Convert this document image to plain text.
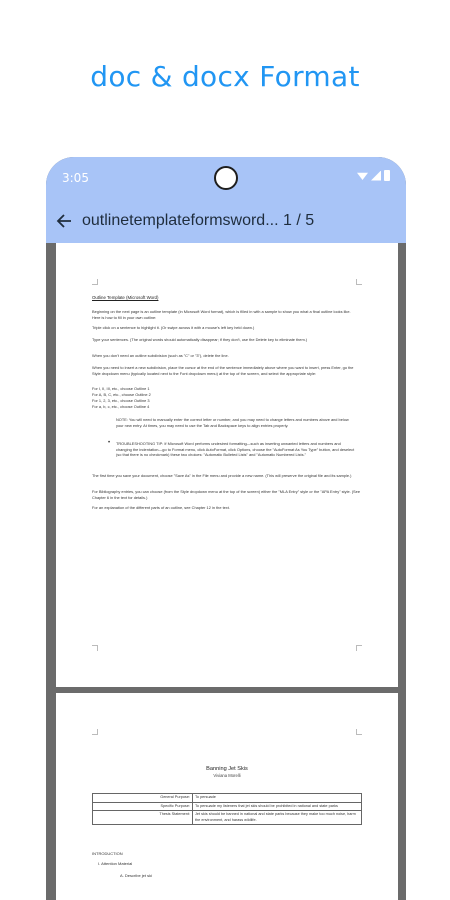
doc & docx Format
3:05
outlinetemplateformsword... 1 / 5
Outline Template (Microsoft Word)
Beginning on the next page is an outline template (in Microsoft Word format), which is filled in with a sample to show you what a final outline looks like. Here is how to fill in your own outline:
Triple click on a sentence to highlight it. (Or swipe across it with a mouse's left key held down.)
Type your sentences. (The original words should automatically disappear; if they don't, use the Delete key to eliminate them.)
When you don't need an outline subdivision (such as "C" or "3"), delete the line.
When you need to insert a new subdivision, place the cursor at the end of the sentence immediately above where you want to insert, press Enter, go the Style dropdown menu (typically located next to the Font dropdown menu) at the top of the screen, and select the appropriate style:
For I, II, III, etc., choose Outline 1
For A, B, C, etc., choose Outline 2
For 1, 2, 3, etc., choose Outline 3
For a, b, c, etc., choose Outline 4
NOTE: You will need to manually enter the correct letter or number, and you may need to change letters and numbers above and below your new entry. At times, you may need to use the Tab and Backspace keys to align entries properly.
• TROUBLESHOOTING TIP: If Microsoft Word performs undesired formatting—such as inserting unwanted letters and numbers and changing the indentation—go to Format menu, click AutoFormat, click Options, choose the "AutoFormat As You Type" button, and deselect (so that there is no checkmark) these two choices: "Automatic Bulleted Lists" and "Automatic Numbered Lists."
The first time you save your document, choose "Save As" in the File menu and provide a new name. (This will preserve the original file and its sample.)
For Bibliography entries, you can choose (from the Style dropdown menu at the top of the screen) either the "MLA Entry" style or the "APA Entry" style. (See Chapter 6 in the text for details.)
For an explanation of the different parts of an outline, see Chapter 12 in the text.
Banning Jet Skis
Viviana Morelli
General Purpose:	To persuade
Specific Purpose:	To persuade my listeners that jet skis should be prohibited in national and state parks
Thesis Statement:	Jet skis should be banned in national and state parks because they make too much noise, harm the environment, and harass wildlife.
INTRODUCTION
I. Attention Material
A. Describe jet ski
